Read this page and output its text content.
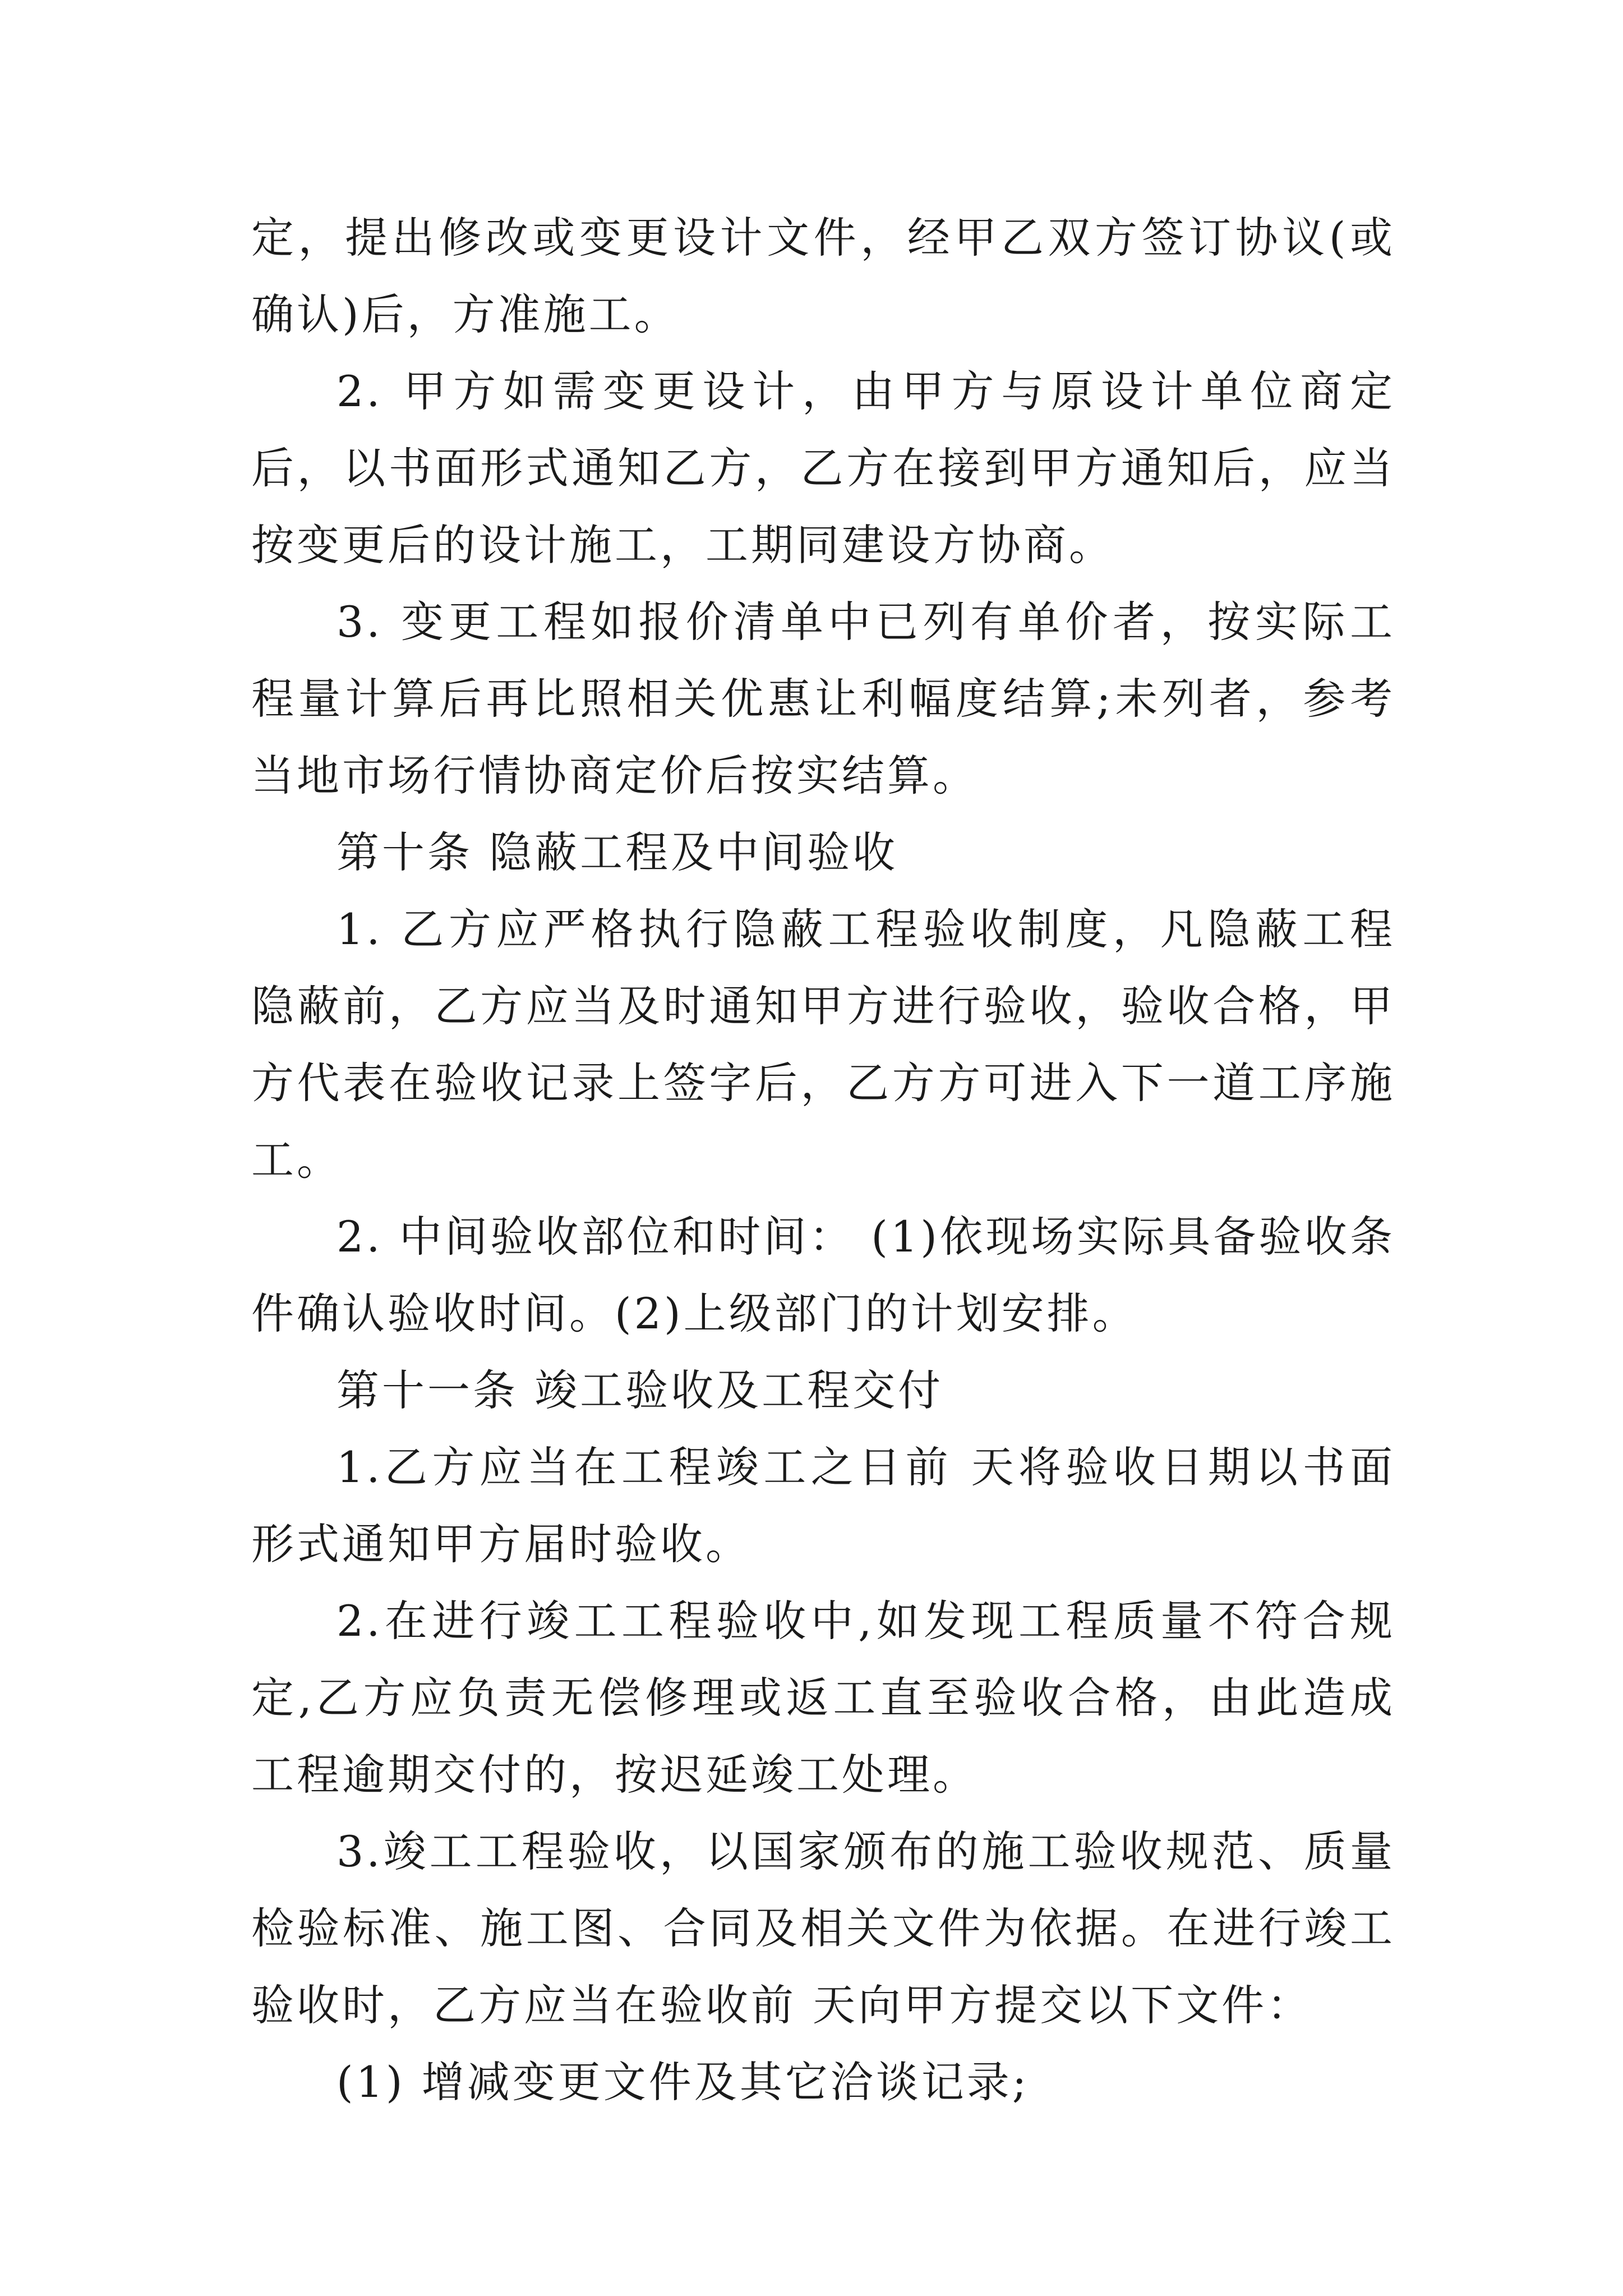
定，提出修改或变更设计文件，经甲乙双方签订协议(或确认)后，方准施工。

2. 甲方如需变更设计，由甲方与原设计单位商定后，以书面形式通知乙方，乙方在接到甲方通知后，应当按变更后的设计施工，工期同建设方协商。

3. 变更工程如报价清单中已列有单价者，按实际工程量计算后再比照相关优惠让利幅度结算;未列者，参考当地市场行情协商定价后按实结算。

第十条 隐蔽工程及中间验收

1. 乙方应严格执行隐蔽工程验收制度，凡隐蔽工程隐蔽前，乙方应当及时通知甲方进行验收，验收合格，甲方代表在验收记录上签字后，乙方方可进入下一道工序施工。

2. 中间验收部位和时间： (1)依现场实际具备验收条件确认验收时间。(2)上级部门的计划安排。

第十一条 竣工验收及工程交付

1.乙方应当在工程竣工之日前 天将验收日期以书面形式通知甲方届时验收。

2.在进行竣工工程验收中,如发现工程质量不符合规定,乙方应负责无偿修理或返工直至验收合格，由此造成工程逾期交付的，按迟延竣工处理。

3.竣工工程验收，以国家颁布的施工验收规范、质量检验标准、施工图、合同及相关文件为依据。在进行竣工验收时，乙方应当在验收前 天向甲方提交以下文件：

(1) 增减变更文件及其它洽谈记录;
